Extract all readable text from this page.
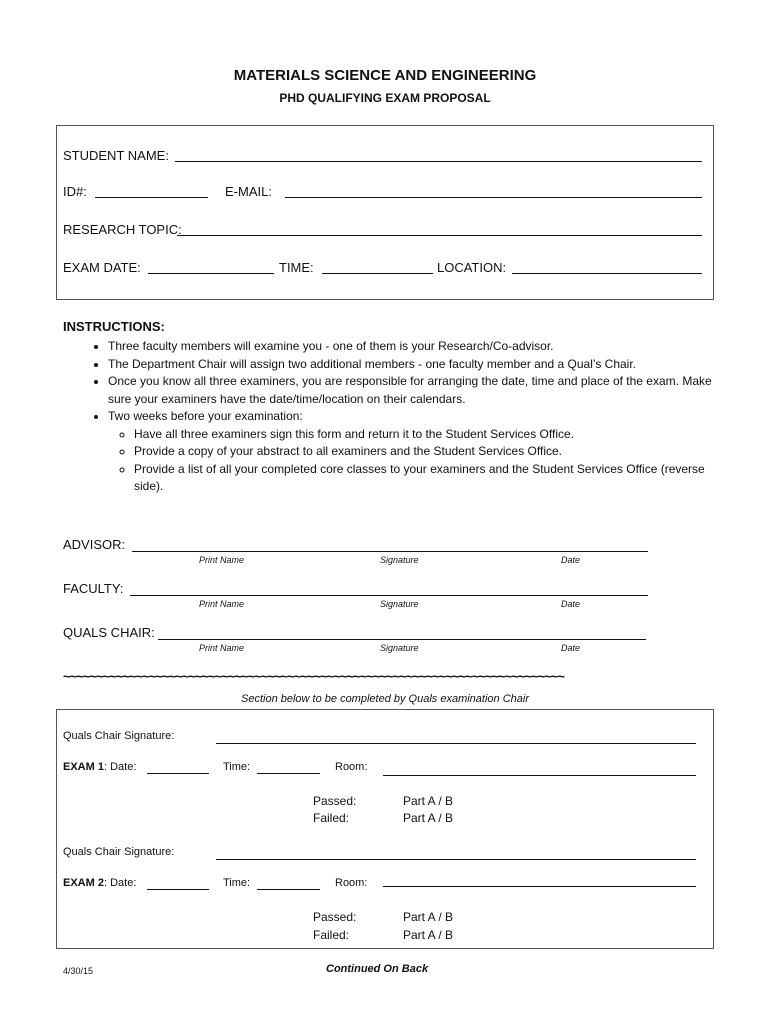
MATERIALS SCIENCE AND ENGINEERING
PHD QUALIFYING EXAM PROPOSAL
STUDENT NAME:
ID#:	E-MAIL:
RESEARCH TOPIC:
EXAM DATE:	TIME:	LOCATION:
INSTRUCTIONS:
• Three faculty members will examine you - one of them is your Research/Co-advisor.
• The Department Chair will assign two additional members - one faculty member and a Qual’s Chair.
• Once you know all three examiners, you are responsible for arranging the date, time and place of the exam. Make sure your examiners have the date/time/location on their calendars.
• Two weeks before your examination:
◦ Have all three examiners sign this form and return it to the Student Services Office.
◦ Provide a copy of your abstract to all examiners and the Student Services Office.
◦ Provide a list of all your completed core classes to your examiners and the Student Services Office (reverse side).
ADVISOR:
Print Name	Signature	Date
FACULTY:
Print Name	Signature	Date
QUALS CHAIR:
Print Name	Signature	Date
~~~~~~~~~~~~~~~~~~~~~~~~~~~~~~~~~~~~~~~~~~~~~~~~~~~~~~~~~~~~~~~~~~~~~~~~~~~~
Section below to be completed by Quals examination Chair
Quals Chair Signature:
EXAM 1: Date:	Time:	Room:
Passed:	Part A / B
Failed:	Part A / B
Quals Chair Signature:
EXAM 2: Date:	Time:	Room:
Passed:	Part A / B
Failed:	Part A / B
4/30/15	Continued On Back
